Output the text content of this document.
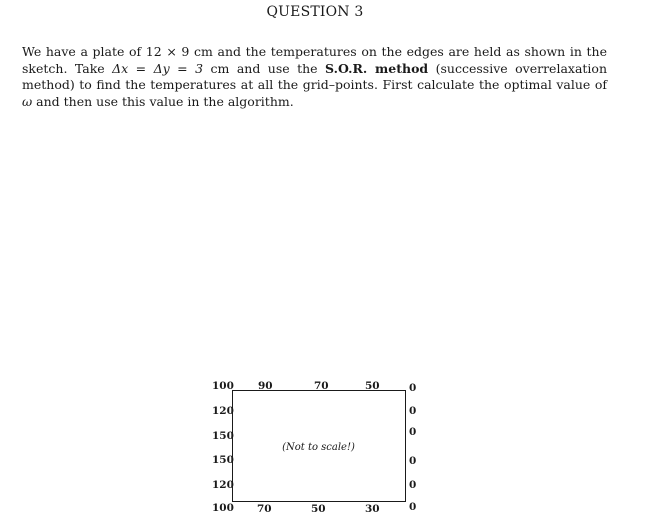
QUESTION 3
We have a plate of 12 × 9 cm and the temperatures on the edges are held as shown in the sketch. Take Δx = Δy = 3 cm and use the S.O.R. method (successive overrelaxation method) to find the temperatures at all the grid–points. First calculate the optimal value of ω and then use this value in the algorithm.
(Not to scale!)
100 90	70	50	0
120
150
150
120
0
0
0
0
100 70	50	30	0
